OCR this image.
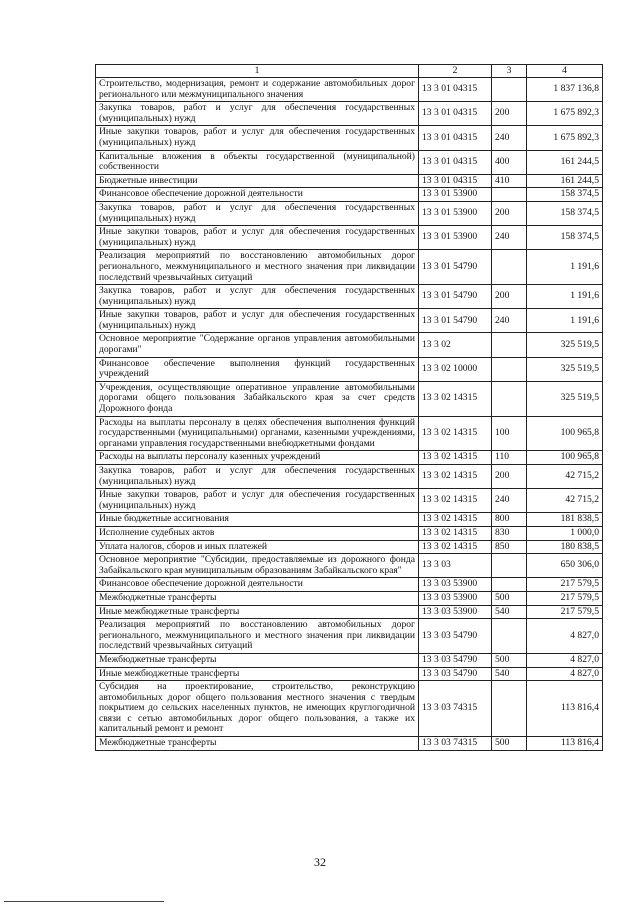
1	2	3	4
Строительство, модернизация, ремонт и содержание автомобильных дорог регионального или межмуниципального значения	13 3 01 04315		1 837 136,8
Закупка товаров, работ и услуг для обеспечения государственных (муниципальных) нужд	13 3 01 04315	200	1 675 892,3
Иные закупки товаров, работ и услуг для обеспечения государственных (муниципальных) нужд	13 3 01 04315	240	1 675 892,3
Капитальные вложения в объекты государственной (муниципальной) собственности	13 3 01 04315	400	161 244,5
Бюджетные инвестиции	13 3 01 04315	410	161 244,5
Финансовое обеспечение дорожной деятельности	13 3 01 53900		158 374,5
Закупка товаров, работ и услуг для обеспечения государственных (муниципальных) нужд	13 3 01 53900	200	158 374,5
Иные закупки товаров, работ и услуг для обеспечения государственных (муниципальных) нужд	13 3 01 53900	240	158 374,5
Реализация мероприятий по восстановлению автомобильных дорог регионального, межмуниципального и местного значения при ликвидации последствий чрезвычайных ситуаций	13 3 01 54790		1 191,6
Закупка товаров, работ и услуг для обеспечения государственных (муниципальных) нужд	13 3 01 54790	200	1 191,6
Иные закупки товаров, работ и услуг для обеспечения государственных (муниципальных) нужд	13 3 01 54790	240	1 191,6
Основное мероприятие "Содержание органов управления автомобильными дорогами"	13 3 02		325 519,5
Финансовое обеспечение выполнения функций государственных учреждений	13 3 02 10000		325 519,5
Учреждения, осуществляющие оперативное управление автомобильными дорогами общего пользования Забайкальского края за счет средств Дорожного фонда	13 3 02 14315		325 519,5
Расходы на выплаты персоналу в целях обеспечения выполнения функций государственными (муниципальными) органами, казенными учреждениями, органами управления государственными внебюджетными фондами	13 3 02 14315	100	100 965,8
Расходы на выплаты персоналу казенных учреждений	13 3 02 14315	110	100 965,8
Закупка товаров, работ и услуг для обеспечения государственных (муниципальных) нужд	13 3 02 14315	200	42 715,2
Иные закупки товаров, работ и услуг для обеспечения государственных (муниципальных) нужд	13 3 02 14315	240	42 715,2
Иные бюджетные ассигнования	13 3 02 14315	800	181 838,5
Исполнение судебных актов	13 3 02 14315	830	1 000,0
Уплата налогов, сборов и иных платежей	13 3 02 14315	850	180 838,5
Основное мероприятие "Субсидии, предоставляемые из дорожного фонда Забайкальского края муниципальным образованиям Забайкальского края"	13 3 03		650 306,0
Финансовое обеспечение дорожной деятельности	13 3 03 53900		217 579,5
Межбюджетные трансферты	13 3 03 53900	500	217 579,5
Иные межбюджетные трансферты	13 3 03 53900	540	217 579,5
Реализация мероприятий по восстановлению автомобильных дорог регионального, межмуниципального и местного значения при ликвидации последствий чрезвычайных ситуаций	13 3 03 54790		4 827,0
Межбюджетные трансферты	13 3 03 54790	500	4 827,0
Иные межбюджетные трансферты	13 3 03 54790	540	4 827,0
Субсидия на проектирование, строительство, реконструкцию автомобильных дорог общего пользования местного значения с твердым покрытием до сельских населенных пунктов, не имеющих круглогодичной связи с сетью автомобильных дорог общего пользования, а также их капитальный ремонт и ремонт	13 3 03 74315		113 816,4
Межбюджетные трансферты	13 3 03 74315	500	113 816,4
32
